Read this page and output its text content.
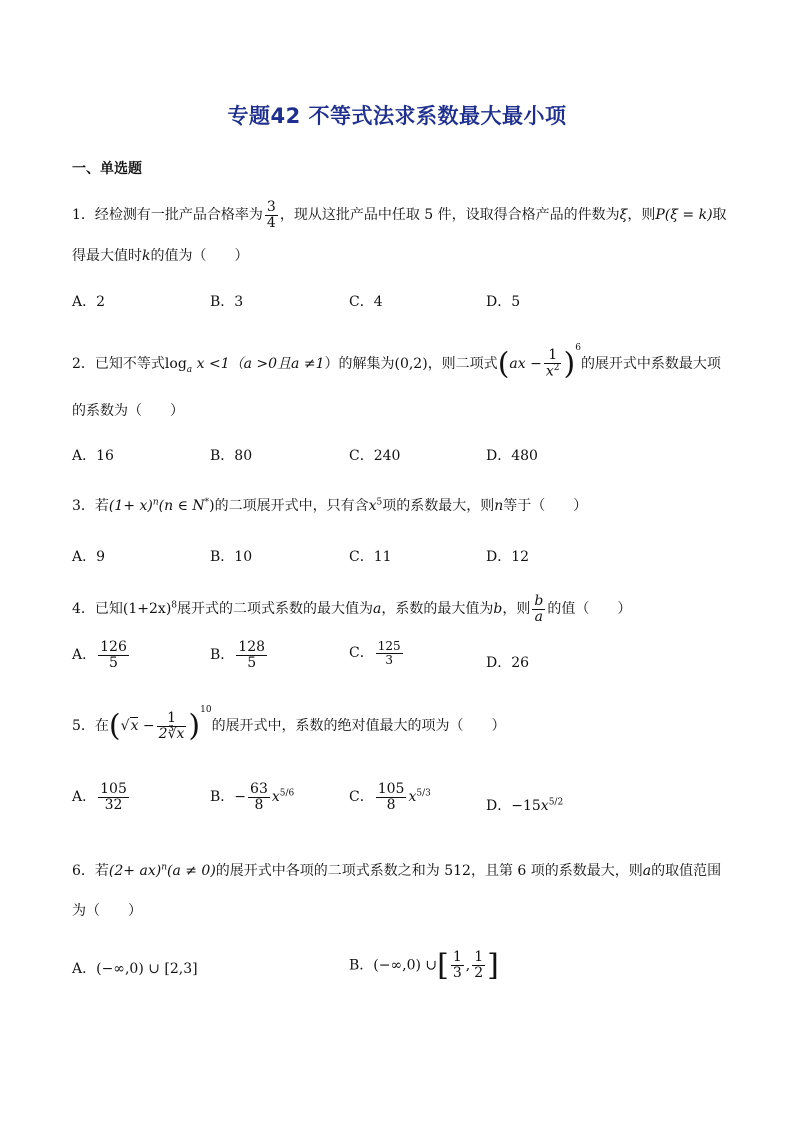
专题42 不等式法求系数最大最小项
一、单选题
1．经检测有一批产品合格率为 $\frac{3}{4}$ ，现从这批产品中任取 5 件，设取得合格产品的件数为ξ，则P(ξ = k)取
得最大值时k的值为（　　）
A．2	B．3	C．4	D．5
2．已知不等式$\log_a x <1(a >0$且a ≠1）的解集为(0,2)，则二项式$(ax - \frac{1}{x^2} )^6$的展开式中系数最大项
的系数为（　　）
A．16	B．80	C．240	D．480
3．若$(1+ x)^n(n$ ∈ N*)的二项展开式中，只有含$x^5$项的系数最大，则n等于（　　）
A．9	B．10	C．11	D．12
4．已知$(1+2x)^8$展开式的二项式系数的最大值为a，系数的最大值为b，则 $\frac{b}{a}$ 的值（　　）
A． $\frac{126}{5}$	B． $\frac{128}{5}$	C． $\frac{125}{3}$	D．26
5．在$(√x - \frac{1}{2∛x} )^{10}$的展开式中，系数的绝对值最大的项为（　　）
A． $\frac{105}{32}$	B．− $\frac{63}{8} x^{5/6}$	C． $\frac{105}{8} x^{5/3}$
D．$-15x^{5/2}$
6．若(2+ ax)$^n$(a ≠ 0)的展开式中各项的二项式系数之和为 512，且第 6 项的系数最大，则a的取值范围
为（　　）
A．(−∞,0) ∪ [2,3]	B．(−∞,0) ∪[ $\frac{1}{3}$ , $\frac{1}{2}$ ]
